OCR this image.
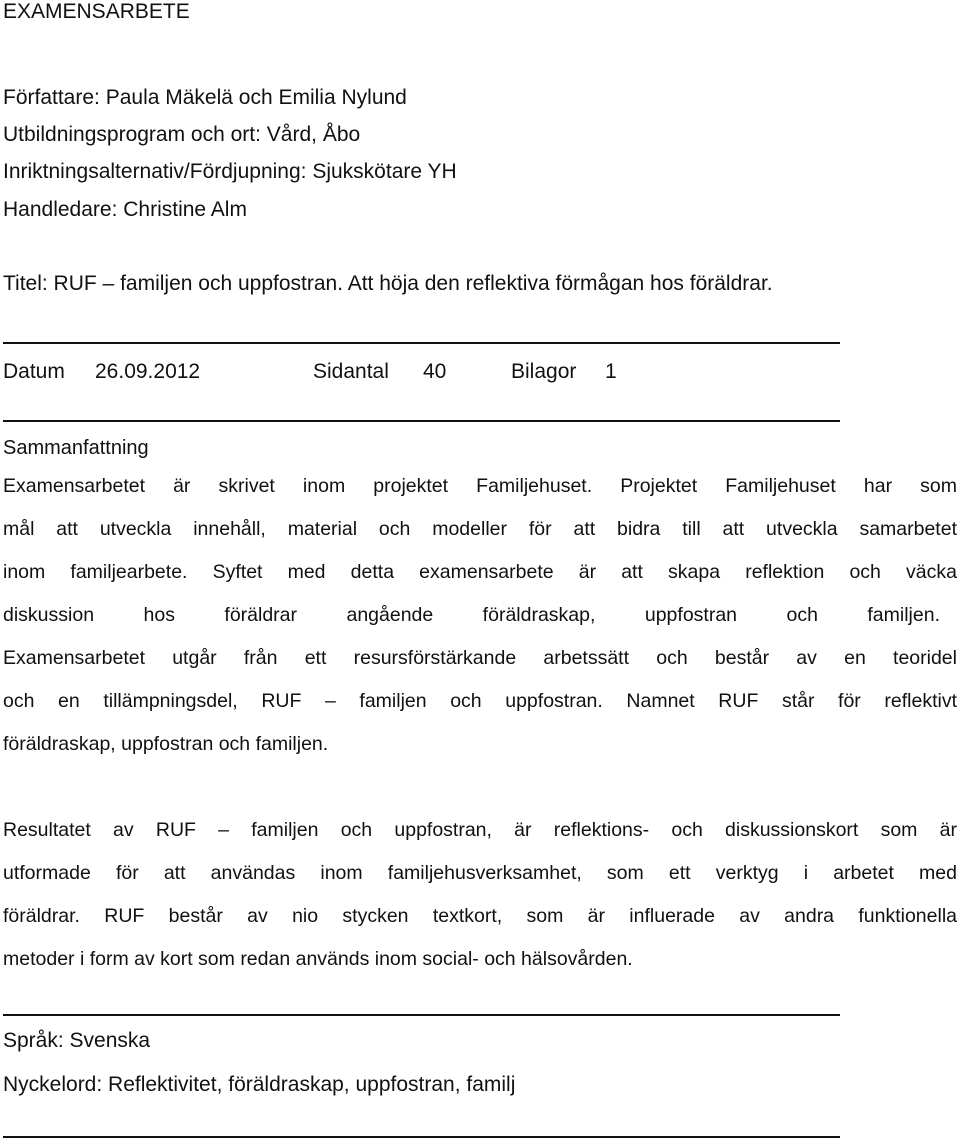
EXAMENSARBETE
Författare: Paula Mäkelä och Emilia Nylund
Utbildningsprogram och ort: Vård, Åbo
Inriktningsalternativ/Fördjupning: Sjukskötare YH
Handledare: Christine Alm
Titel: RUF – familjen och uppfostran. Att höja den reflektiva förmågan hos föräldrar.
Datum 26.09.2012	Sidantal 40	Bilagor 1
Sammanfattning
Examensarbetet är skrivet inom projektet Familjehuset. Projektet Familjehuset har som
mål att utveckla innehåll, material och modeller för att bidra till att utveckla samarbetet
inom familjearbete. Syftet med detta examensarbete är att skapa reflektion och väcka
diskussion hos föräldrar angående föräldraskap, uppfostran och familjen.
Examensarbetet utgår från ett resursförstärkande arbetssätt och består av en teoridel
och en tillämpningsdel, RUF – familjen och uppfostran. Namnet RUF står för reflektivt
föräldraskap, uppfostran och familjen.
Resultatet av RUF – familjen och uppfostran, är reflektions- och diskussionskort som är
utformade för att användas inom familjehusverksamhet, som ett verktyg i arbetet med
föräldrar. RUF består av nio stycken textkort, som är influerade av andra funktionella
metoder i form av kort som redan används inom social- och hälsovården.
Språk: Svenska
Nyckelord: Reflektivitet, föräldraskap, uppfostran, familj
